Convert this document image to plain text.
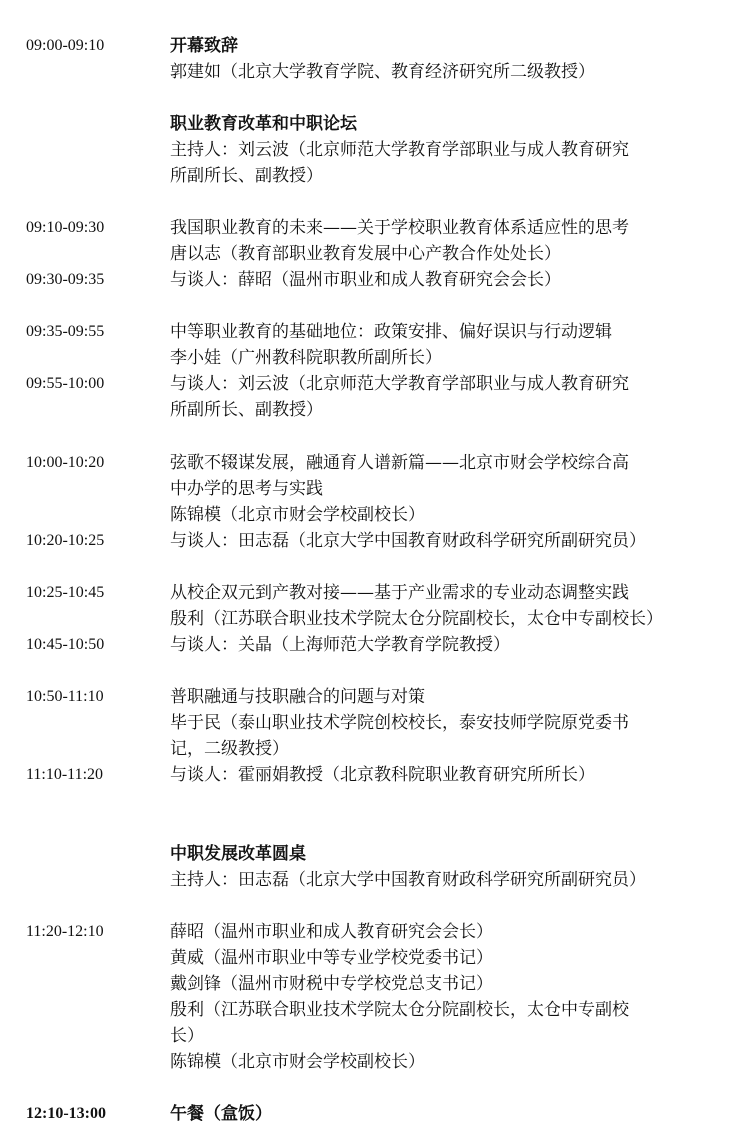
09:00-09:10	开幕致辞
郭建如（北京大学教育学院、教育经济研究所二级教授）
职业教育改革和中职论坛
主持人：刘云波（北京师范大学教育学部职业与成人教育研究
所副所长、副教授）
09:10-09:30	我国职业教育的未来——关于学校职业教育体系适应性的思考
唐以志（教育部职业教育发展中心产教合作处处长）
09:30-09:35	与谈人：薛昭（温州市职业和成人教育研究会会长）
09:35-09:55	中等职业教育的基础地位：政策安排、偏好误识与行动逻辑
李小娃（广州教科院职教所副所长）
09:55-10:00	与谈人：刘云波（北京师范大学教育学部职业与成人教育研究
所副所长、副教授）
10:00-10:20	弦歌不辍谋发展，融通育人谱新篇——北京市财会学校综合高
中办学的思考与实践
陈锦模（北京市财会学校副校长）
10:20-10:25	与谈人：田志磊（北京大学中国教育财政科学研究所副研究员）
10:25-10:45	从校企双元到产教对接——基于产业需求的专业动态调整实践
殷利（江苏联合职业技术学院太仓分院副校长，太仓中专副校长）
10:45-10:50	与谈人：关晶（上海师范大学教育学院教授）
10:50-11:10	普职融通与技职融合的问题与对策
毕于民（泰山职业技术学院创校校长，泰安技师学院原党委书
记，二级教授）
11:10-11:20	与谈人：霍丽娟教授（北京教科院职业教育研究所所长）
中职发展改革圆桌
主持人：田志磊（北京大学中国教育财政科学研究所副研究员）
11:20-12:10	薛昭（温州市职业和成人教育研究会会长）
黄威（温州市职业中等专业学校党委书记）
戴剑锋（温州市财税中专学校党总支书记）
殷利（江苏联合职业技术学院太仓分院副校长，太仓中专副校
长）
陈锦模（北京市财会学校副校长）
12:10-13:00	午餐（盒饭）
